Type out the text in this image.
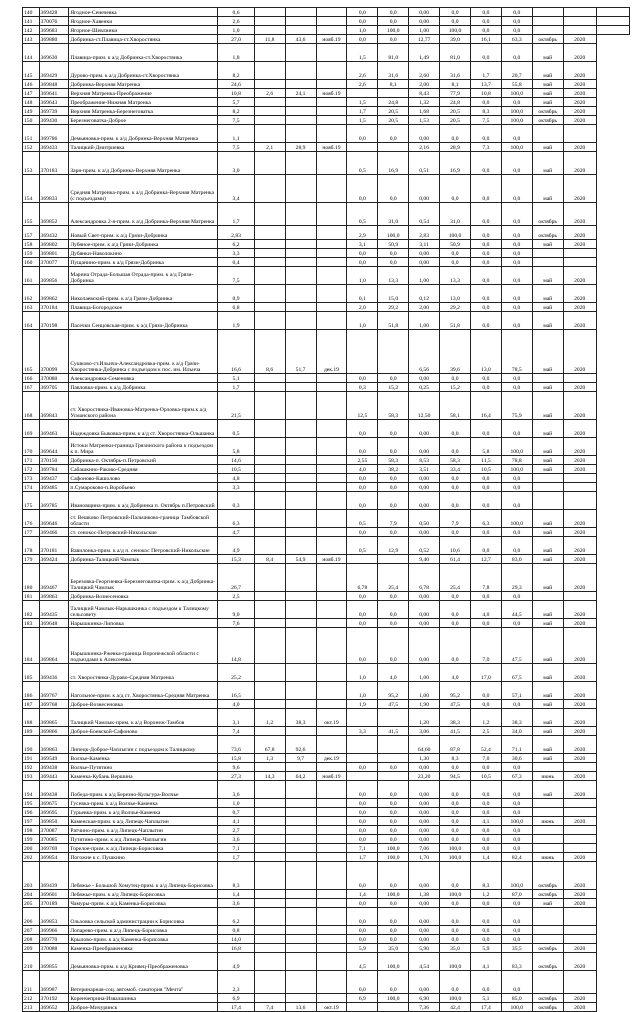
140	369428	Ягодное-Сенечевка	0,6				0,0	0,0	0,00	0,0	0,0	0,0			
141	370076	Ягодное-Хавенки	2,6				0,0	0,0	0,00	0,0	0,0	0,0			
142	369683	Ягорное-Шевлинки	1,0				1,0	100,0	1,00	100,0	0,0	0,0			
143	369880	Добринка-ст.Плавица-ст.Хворостянка	27,0	11,8	43,6	нояб.19	0,0	0,0	12,77	39,0	16,1	63,3	октябрь	2020	
144	369630	Плавица-прим. к а/д Добринка-ст.Хворостянка	1,8				1,5	81,0	1,49	81,0	0,0	0,0	май	2020	
145	369429	Дурово-прим. к а/д Добринка-ст.Хворостянка	8,2				2,6	31,6	2,60	31,6	1,7	20,7	май	2020	
146	369848	Добринка-Верхняя Матренка	24,6				2,6	8,1	2,00	8,1	13,7	55,8	май	2020	
147	369641	Верхняя Матренка-Преображение	10,8	2,6	24,1	нояб.19			8,43	77,9	10,8	100,0	май	2020	
148	369643	Преображение-Нижняя Матренка	5,7				1,5	24,8	1,32	24,8	0,0	0,0	май	2020	
149	369739	Верхняя Матренка-Березнеговатка	8,2				1,7	20,5	1,68	20,5	8,3	100,0	октябрь	2020	
150	369430	Березнеговатка-Доброе	7,5				1,5	20,5	1,53	20,5	7,5	100,0	октябрь	2020	
151	369786	Демьяновка-прим. к а/д Добринка-Верхняя Матренка	1,1				0,0	0,0	0,00	0,0	0,0	0,0			
152	369433	Талицкий-Дмитриевка	7,5	2,1	28,9	нояб.19			2,16	28,9	7,3	100,0	май	2020	
153	370183	Заря-прим. к а/д Добринка-Верхняя Матренка	3,0				0,5	16,9	0,51	16,9	0,0	0,0	май	2020	
154	369833	Средняя Матренка-прим. к а/д Добринка-Верхняя Матренка (с подъездами)	3,4				0,0	0,0	0,00	0,0	0,0	0,0	май	2020	
155	369852	Александровка 2-я-прим. к а/д Добринка-Верхняя Матренка	1,7				0,5	31,0	0,54	31,0	0,0	0,0	октябрь	2020	
157	369432	Новый Свет-прим. к а/д Грязи-Добринка	2,83				2,9	100,0	2,83	100,0	0,0	0,0	октябрь	2020	
158	369802	Лубяное-прим. к а/д Грязи-Добринка	6,2				3,1	50,9	3,11	50,9	0,0	0,0	май	2020	
159	369801	Дубянки-Наволокино	3,3				0,0	0,0	0,00	0,0	0,0	0,0			
160	370077	Пущанино-прим. к а/д Грязи-Добринка	0,4				0,0	0,0	0,00	0,0	0,0	0,0			
161	369856	Марина Отрада-Большая Отрада-прим. к а/д Грязи-Добринка	7,5				1,0	13,3	1,00	13,3	0,0	0,0	май	2020	
162	369862	Николаевский-прим. к а/д Грязи-Добринка	0,9				0,1	15,0	0,12	13,0	0,0	0,0	май	2020	
163	370184	Плавица-Богородское	6,8				2,0	29,2	2,00	29,2	0,0	0,0	май	2020	
164	370198	Пасечки Сенцовская-прим. к а/д Грязи-Добринка	1,9				1,0	51,8	1,00	51,8	0,0	0,0	май	2020	
165	370099	Сушково-ст.Ильича-Александровка-прим. к а/д Грязи-Хворостянка-Добринка с подъездом к пос. им. Ильича	16,6	8,6	51,7	дек.19			6,56	39,6	13,0	78,5	май	2020	
166	370080	Александровка-Семеновка	5,1				0,0	0,0	0,00	0,0	0,0	0,0			
167	369705	Павловка-прим. к а/д Добринка	1,7				0,3	15,2	0,25	15,2	0,0	0,0	май	2020	
168	369843	ст. Хворостянка-Ивановка-Матренка-Орловка-прим.к а/д Усманского района	21,5				12,5	58,3	12,50	58,1	16,4	75,9	май	2020	
169	369463	Надеждовка Быковка-прим. к а/д ст. Хворостянка-Ольшанка	0,5				0,0	0,0	0,00	0,0	0,0	0,0	май	2020	
170	369644	Истоки Матренки-граница Грязинского района к подъездом к п. Мира	5,8				0,0	0,0	0,00	0,0	5,8	100,0	май	2020	
171	370150	Добринка-п. Октябрь-п.Петровский	14,6				2,55	58,3	8,53	58,3	11,5	78,8	май	2020	
172	369784	Сабашкино-Раково-Средняя	10,5				4,0	38,2	3,51	33,4	10,5	100,0	май	2020	
173	369437	Сафоново-Кашолово	4,8				0,0	0,0	0,00	0,0	0,0	0,0			
174	369485	п.Сумароково-п.Воробьево	3,3				0,0	0,0	0,00	0,0	0,0	0,0			
175	369785	Ивановщина-прим. к а/д Добринка п. Октябрь п.Петровский	0,3				0,0	0,0	0,00	0,0	0,0	0,0			
176	369646	ст. Вешково Петровский-Пальчиково-граница Тамбовской области	6,3				0,5	7,9	0,50	7,9	6,3	100,0	май	2020	
177	369466	ст. сенокос-Петровский-Никольские	4,7				0,0	0,0	0,00	0,0	0,0	0,0	май	2020	
178	370181	Вавилонка-прим. к а/д п. сенокос Петровский-Никольские	4,9				0,5	12,9	0,52	10,6	0,0	0,0	май	2020	
179	369424	Добринка-Талицкий Чамлык	15,3	8,4	54,9	нояб.19			9,40	61,4	12,7	83,0	май	2020	
180	369467	Березовка-Георгиевка-Березнеговатка-прим. к а/д Добринка-Талицкий Чамлык	26,7				6,78	25,4	6,78	25,4	7,8	29,3	май	2020	
181	369863	Добринка-Вознесеновка	2,5				0,0	0,0	0,00	0,0	0,0	0,0			
182	369435	Талицкий Чамлык-Нарышкинка с подъездом к Талицкому сельсовету	9,0				0,0	0,0	0,00	0,0	4,0	44,5	май	2020	
183	369648	Нарышкинка-Липовка	7,6				0,0	0,0	0,00	0,0	0,0	0,0	май	2020	
184	369864	Нарышкинка-Ржевка-граница Воронежской области с подъездами к Алексеевка	14,8				0,0	0,0	0,00	0,0	7,0	47,5	май	2020	
185	369436	ст. Хворостянка-Дураво-Средняя Матренка	25,2				1,0	4,0	1,00	4,0	17,0	67,5	май	2020	
186	369767	Нагольное-прим. к а/д ст. Хворостянка-Средняя Матренка	16,5				1,0	95,2	1,00	95,2	0,0	57,1	май	2020	
187	369768	Доброе-Вознесеновка	4,0				1,9	47,5	1,90	47,5	0,0	0,0	май	2020	
188	369865	Талицкий Чамлык-прим. к а/д Воронеж-Тамбов	3,1	1,2	38,3	окт.19			1,20	38,3	1,2	38,3	май	2020	
189	369866	Доброе-Боевской-Сафоново	7,4				3,3	41,5	3,06	41,5	2,5	34,0	май	2020	
190	369863	Липецк-Доброе-Чаплыгин с подъездом к Талицкому	73,6	67,8	92,6				64,60	87,8	52,4	71,1	май	2020	
191	369549	Волчье-Каменка	15,8	1,3	9,7	дек.19			1,30	8,3	7,0	30,6	май	2020	
192	369438	Волчье-Путятино	9,6				0,0	0,0	0,00	0,0	0,0	0,0			
193	369443	Каменка-Кубань Вершина	27,3	14,3	64,2	нояб.19			23,20	94,5	10,5	67,3	июнь	2020	
194	369438	Победа-прим. к а/д Березно-Кульгура-Волчье	3,6				0,0	0,0	0,00	0,0	0,0	0,0	май	2020	
195	369675	Гусевка-прим. к а/д Волчье-Каменка	1,0				0,0	0,0	0,00	0,0	0,0	0,0			
196	369695	Гурьевка-прим. к а/д Волчье-Каменка	0,7				0,0	0,0	0,00	0,0	0,0	0,0			
197	369850	Каменская-прим. к а/д Липецк-Чаплыгин	4,1				0,0	0,0	0,00	0,0	4,1	100,0	июнь	2020	
198	370087	Ратчино-прим. к а/д Липецк-Чаплыгин	2,7				0,0	0,0	0,00	0,0	0,0	0,0			
199	370085	Путятино-прим. к а/д Липецк-Чаплыгин	3,6				0,0	0,0	0,00	0,0	0,0	0,0			
200	369769	Горелое-прим. к а/д Липецк-Борисовка	7,1				7,1	100,0	7,06	100,0	0,0	0,0			
202	369854	Погожие к с. Пушкино	1,7				1,7	100,0	1,70	100,0	1,4	82,4	июнь	2020	
203	369439	Лебяжье - Большой Хомутец-прим. к а/д Липецк-Борисовка	8,3				0,0	0,0	0,00	0,0	8,3	100,0	октябрь	2020	
204	369601	Лебяжье-прим. к а/д Липецк-Борисовка	1,4				1,4	100,0	1,38	100,0	1,2	87,0	октябрь	2020	
205	370189	Чамуры-прим. к а/д Каменка-Борисовка	3,6				0,0	0,0	0,00	0,0	0,0	0,0	май	2020	
206	369853	Ольховка сельской администрации к Борисовка	6,2				0,0	0,0	0,00	0,0	0,0	0,0			
207	369966	Лопарево-прим. к а/д Липецк-Борисовка	0,8				0,0	0,0	0,00	0,0	0,0	0,0			
208	369770	Крылово-прим. к а/д Каменка-Борисовка	14,0				0,0	0,0	0,00	0,0	0,0	0,0			
209	370088	Каменка-Преображеновка	16,8				5,9	35,0	5,90	35,0	5,9	35,5	октябрь	2020	
210	369855	Демьяновка-прим. к а/д Кривец-Преображеновка	4,9				4,5	100,0	4,54	100,0	4,1	83,3	октябрь	2020	
211	369987	Ветеринарная-соц. автомоб. санатория "Мечта"	2,3				0,0	0,0	0,00	0,0	0,0	0,0			
212	370192	Коренчеприна-Извалшинка	6,9				6,9	100,0	6,90	100,0	5,1	85,0	октябрь	2020	
213	369652	Доброе-Мичуринск	17,4	7,4	13,6	окт.19			7,36	42,4	17,4	100,0	октябрь	2020	
